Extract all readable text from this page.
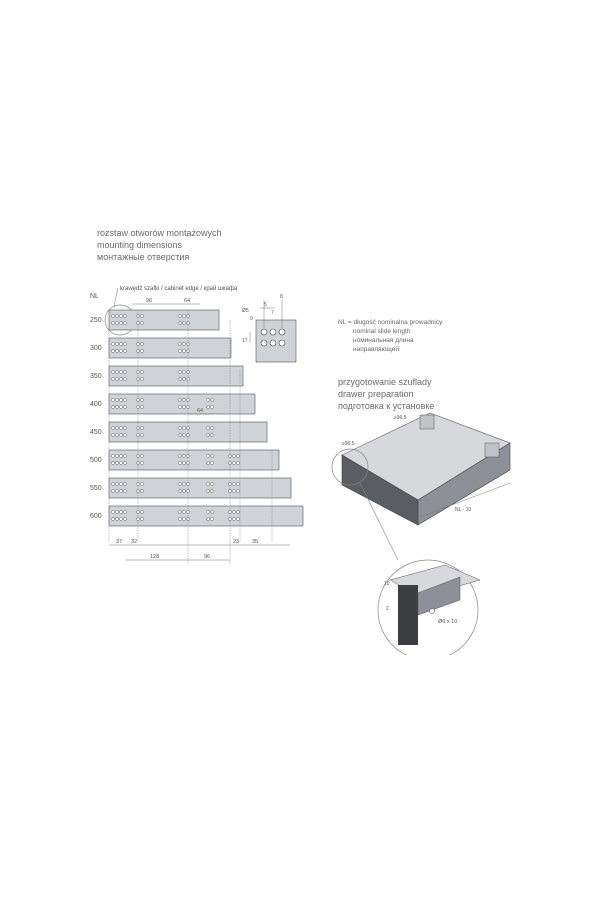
rozstaw otworów montażowych
mounting dimensions
монтажные отверстия
NL
krawędź szafki / cabinet edge / край шкафа
96	64
250
300
350
400
450
500
550
600
64
37 32	23 35
128	96
8
5
7
9
17
Ø5
NL = długość nominalna prowadnicy
nominal slide length
номинальная длина
направляющей
przygotowanie szuflady
drawer preparation
подготовка к установке
≥96,5
≥96,5
NL - 10
10
2
Ø6 x 10
